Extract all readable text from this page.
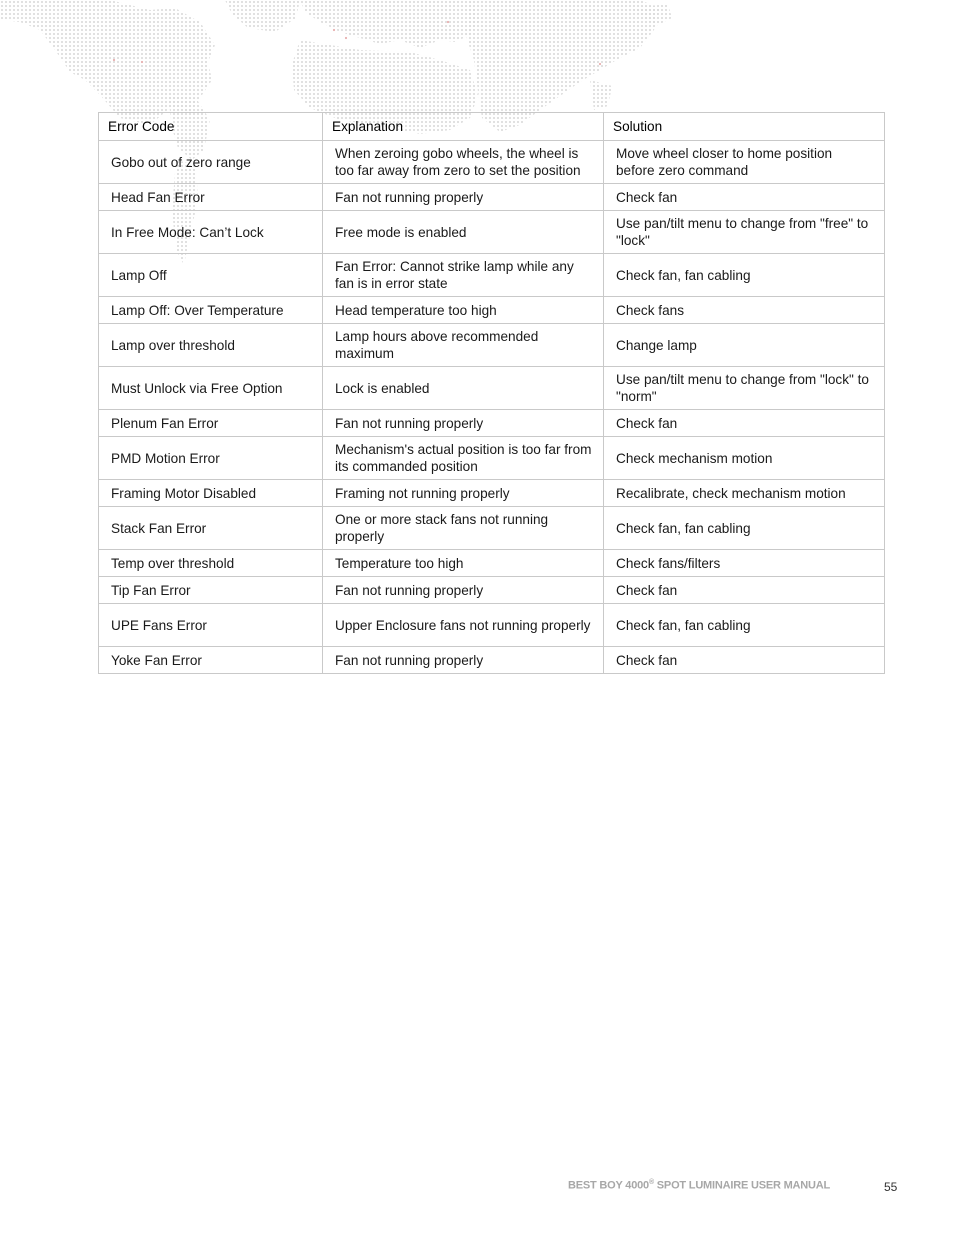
Error Code	Explanation	Solution
Gobo out of zero range	When zeroing gobo wheels, the wheel is too far away from zero to set the position	Move wheel closer to home position before zero command
Head Fan Error	Fan not running properly	Check fan
In Free Mode: Can’t Lock	Free mode is enabled	Use pan/tilt menu to change from "free" to "lock"
Lamp Off	Fan Error: Cannot strike lamp while any fan is in error state	Check fan, fan cabling
Lamp Off: Over Temperature	Head temperature too high	Check fans
Lamp over threshold	Lamp hours above recommended maximum	Change lamp
Must Unlock via Free Option	Lock is enabled	Use pan/tilt menu to change from "lock" to "norm"
Plenum Fan Error	Fan not running properly	Check fan
PMD Motion Error	Mechanism's actual position is too far from its commanded position	Check mechanism motion
Framing Motor Disabled	Framing not running properly	Recalibrate, check mechanism motion
Stack Fan Error	One or more stack fans not running properly	Check fan, fan cabling
Temp over threshold	Temperature too high	Check fans/filters
Tip Fan Error	Fan not running properly	Check fan
UPE Fans Error	Upper Enclosure fans not running properly	Check fan, fan cabling
Yoke Fan Error	Fan not running properly	Check fan
BEST BOY 4000® SPOT LUMINAIRE USER MANUAL	55
